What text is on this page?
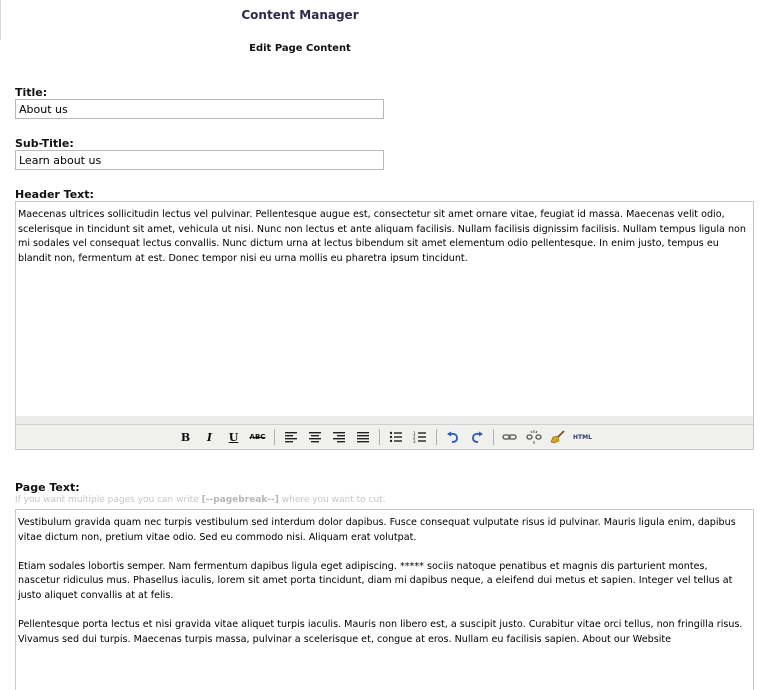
Content Manager
Edit Page Content
Title:
About us
Sub-Title:
Learn about us
Header Text:
Maecenas ultrices sollicitudin lectus vel pulvinar. Pellentesque augue est, consectetur sit amet ornare vitae, feugiat id massa. Maecenas velit odio, scelerisque in tincidunt sit amet, vehicula ut nisi. Nunc non lectus et ante aliquam facilisis. Nullam facilisis dignissim facilisis. Nullam tempus ligula non mi sodales vel consequat lectus convallis. Nunc dictum urna at lectus bibendum sit amet elementum odio pellentesque. In enim justo, tempus eu blandit non, fermentum at est. Donec tempor nisi eu urna mollis eu pharetra ipsum tincidunt.
B	I	U	ABC	1
2
3
HTML
Page Text:
If you want multiple pages you can write [--pagebreak--] where you want to cut.
Vestibulum gravida quam nec turpis vestibulum sed interdum dolor dapibus. Fusce consequat vulputate risus id pulvinar. Mauris ligula enim, dapibus vitae dictum non, pretium vitae odio. Sed eu commodo nisi. Aliquam erat volutpat.

Etiam sodales lobortis semper. Nam fermentum dapibus ligula eget adipiscing. ***** sociis natoque penatibus et magnis dis parturient montes, nascetur ridiculus mus. Phasellus iaculis, lorem sit amet porta tincidunt, diam mi dapibus neque, a eleifend dui metus et sapien. Integer vel tellus at justo aliquet convallis at at felis.

Pellentesque porta lectus et nisi gravida vitae aliquet turpis iaculis. Mauris non libero est, a suscipit justo. Curabitur vitae orci tellus, non fringilla risus. Vivamus sed dui turpis. Maecenas turpis massa, pulvinar a scelerisque et, congue at eros. Nullam eu facilisis sapien. About our Website
